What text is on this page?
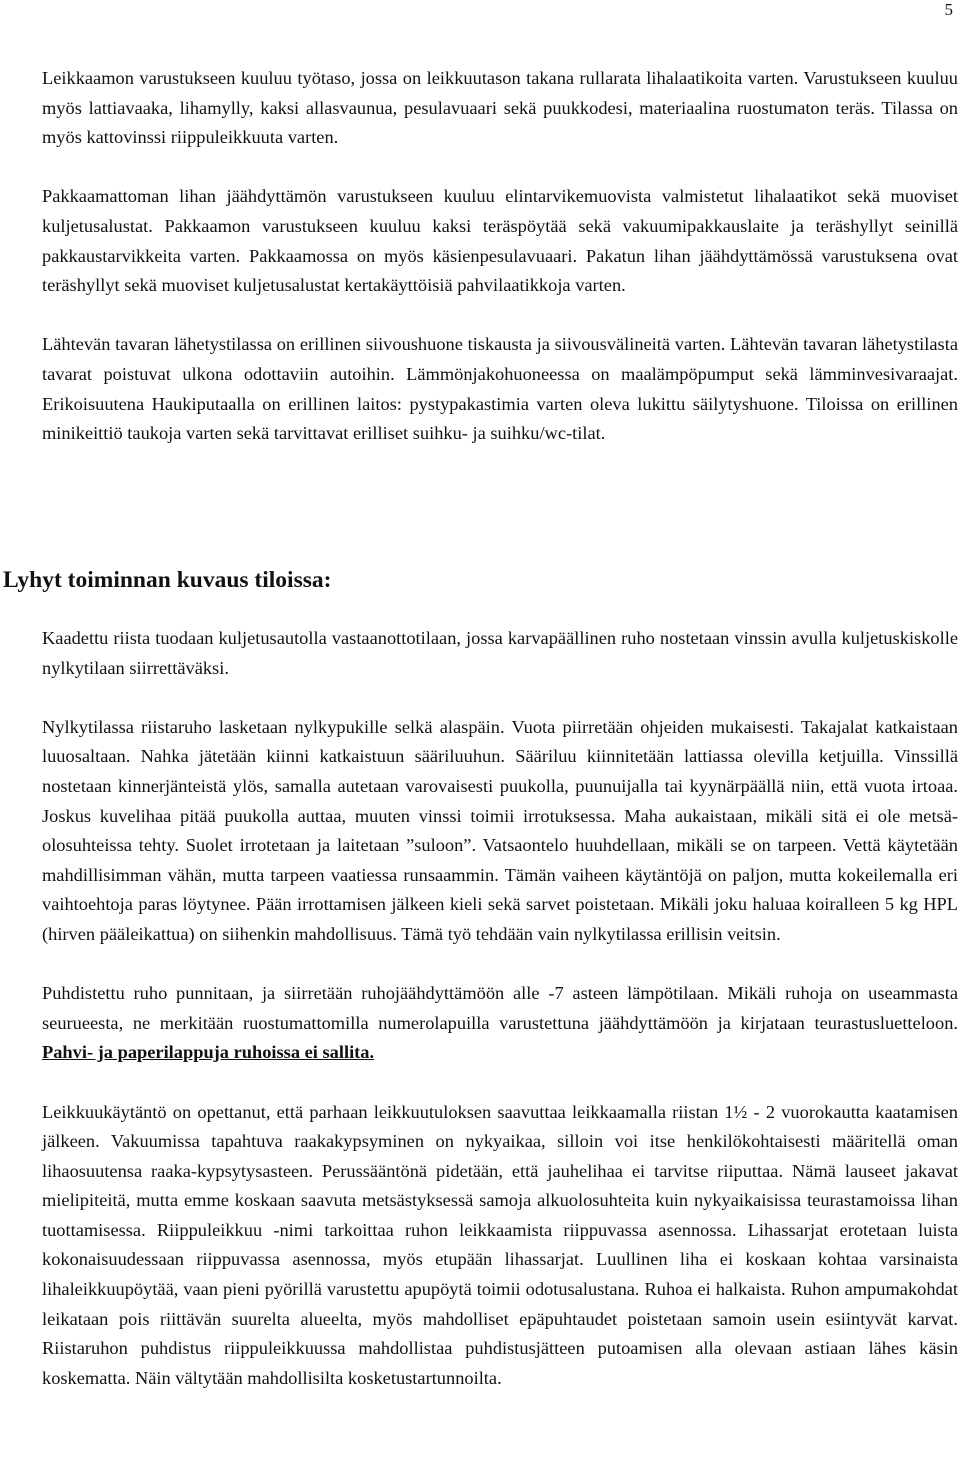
5

Leikkaamon varustukseen kuuluu työtaso, jossa on leikkuutason takana rullarata lihalaatikoita varten. Varustukseen kuuluu myös lattiavaaka, lihamylly, kaksi allasvaunua, pesulavuaari sekä puukkodesi, materiaalina ruostumaton teräs. Tilassa on myös kattovinssi riippuleikkuuta varten.

Pakkaamattoman lihan jäähdyttämön varustukseen kuuluu elintarvikemuovista valmistetut lihalaatikot sekä muoviset kuljetusalustat. Pakkaamon varustukseen kuuluu kaksi teräspöytää sekä vakuumipakkauslaite ja teräshyllyt seinillä pakkaustarvikkeita varten. Pakkaamossa on myös käsienpesulavuaari. Pakatun lihan jäähdyttämössä varustuksena ovat teräshyllyt sekä muoviset kuljetusalustat kertakäyttöisiä pahvilaatikkoja varten.

Lähtevän tavaran lähetystilassa on erillinen siivoushuone tiskausta ja siivousvälineitä varten. Lähtevän tavaran lähetystilasta tavarat poistuvat ulkona odottaviin autoihin. Lämmönjakohuoneessa on maalämpöpumput sekä lämminvesivaraajat. Erikoisuutena Haukiputaalla on erillinen laitos: pystypakastimia varten oleva lukittu säilytyshuone. Tiloissa on erillinen minikeittiö taukoja varten sekä tarvittavat erilliset suihku- ja suihku/wc-tilat.

Lyhyt toiminnan kuvaus tiloissa:

Kaadettu riista tuodaan kuljetusautolla vastaanottotilaan, jossa karvapäällinen ruho nostetaan vinssin avulla kuljetuskiskolle nylkytilaan siirrettäväksi.

Nylkytilassa riistaruho lasketaan nylkypukille selkä alaspäin. Vuota piirretään ohjeiden mukaisesti. Takajalat katkaistaan luuosaltaan. Nahka jätetään kiinni katkaistuun sääriluuhun. Sääriluu kiinnitetään lattiassa olevilla ketjuilla. Vinssillä nostetaan kinnerjänteistä ylös, samalla autetaan varovaisesti puukolla, puunuijalla tai kyynärpäällä niin, että vuota irtoaa. Joskus kuvelihaa pitää puukolla auttaa, muuten vinssi toimii irrotuksessa. Maha aukaistaan, mikäli sitä ei ole metsäolosuhteissa tehty. Suolet irrotetaan ja laitetaan ”suloon”. Vatsaontelo huuhdellaan, mikäli se on tarpeen. Vettä käytetään mahdillisimman vähän, mutta tarpeen vaatiessa runsaammin. Tämän vaiheen käytäntöjä on paljon, mutta kokeilemalla eri vaihtoehtoja paras löytynee. Pään irrottamisen jälkeen kieli sekä sarvet poistetaan. Mikäli joku haluaa koiralleen 5 kg HPL (hirven pääleikattua) on siihenkin mahdollisuus. Tämä työ tehdään vain nylkytilassa erillisin veitsin.

Puhdistettu ruho punnitaan, ja siirretään ruhojäähdyttämöön alle -7 asteen lämpötilaan. Mikäli ruhoja on useammasta seurueesta, ne merkitään ruostumattomilla numerolapuilla varustettuna jäähdyttämöön ja kirjataan teurastusluetteloon. Pahvi- ja paperilappuja ruhoissa ei sallita.

Leikkuukäytäntö on opettanut, että parhaan leikkuutuloksen saavuttaa leikkaamalla riistan 1½ - 2 vuorokautta kaatamisen jälkeen. Vakuumissa tapahtuva raakakypsyminen on nykyaikaa, silloin voi itse henkilökohtaisesti määritellä oman lihaosuutensa raaka-kypsytysasteen. Perussääntönä pidetään, että jauhelihaa ei tarvitse riiputtaa. Nämä lauseet jakavat mielipiteitä, mutta emme koskaan saavuta metsästyksessä samoja alkuolosuhteita kuin nykyaikaisissa teurastamoissa lihan tuottamisessa. Riippuleikkuu -nimi tarkoittaa ruhon leikkaamista riippuvassa asennossa. Lihassarjat erotetaan luista kokonaisuudessaan riippuvassa asennossa, myös etupään lihassarjat. Luullinen liha ei koskaan kohtaa varsinaista lihaleikkuupöytää, vaan pieni pyörillä varustettu apupöytä toimii odotusalustana. Ruhoa ei halkaista. Ruhon ampumakohdat leikataan pois riittävän suurelta alueelta, myös mahdolliset epäpuhtaudet poistetaan samoin usein esiintyvät karvat. Riistaruhon puhdistus riippuleikkuussa mahdollistaa puhdistusjätteen putoamisen alla olevaan astiaan lähes käsin koskematta. Näin vältytään mahdollisilta kosketustartunnoilta.
